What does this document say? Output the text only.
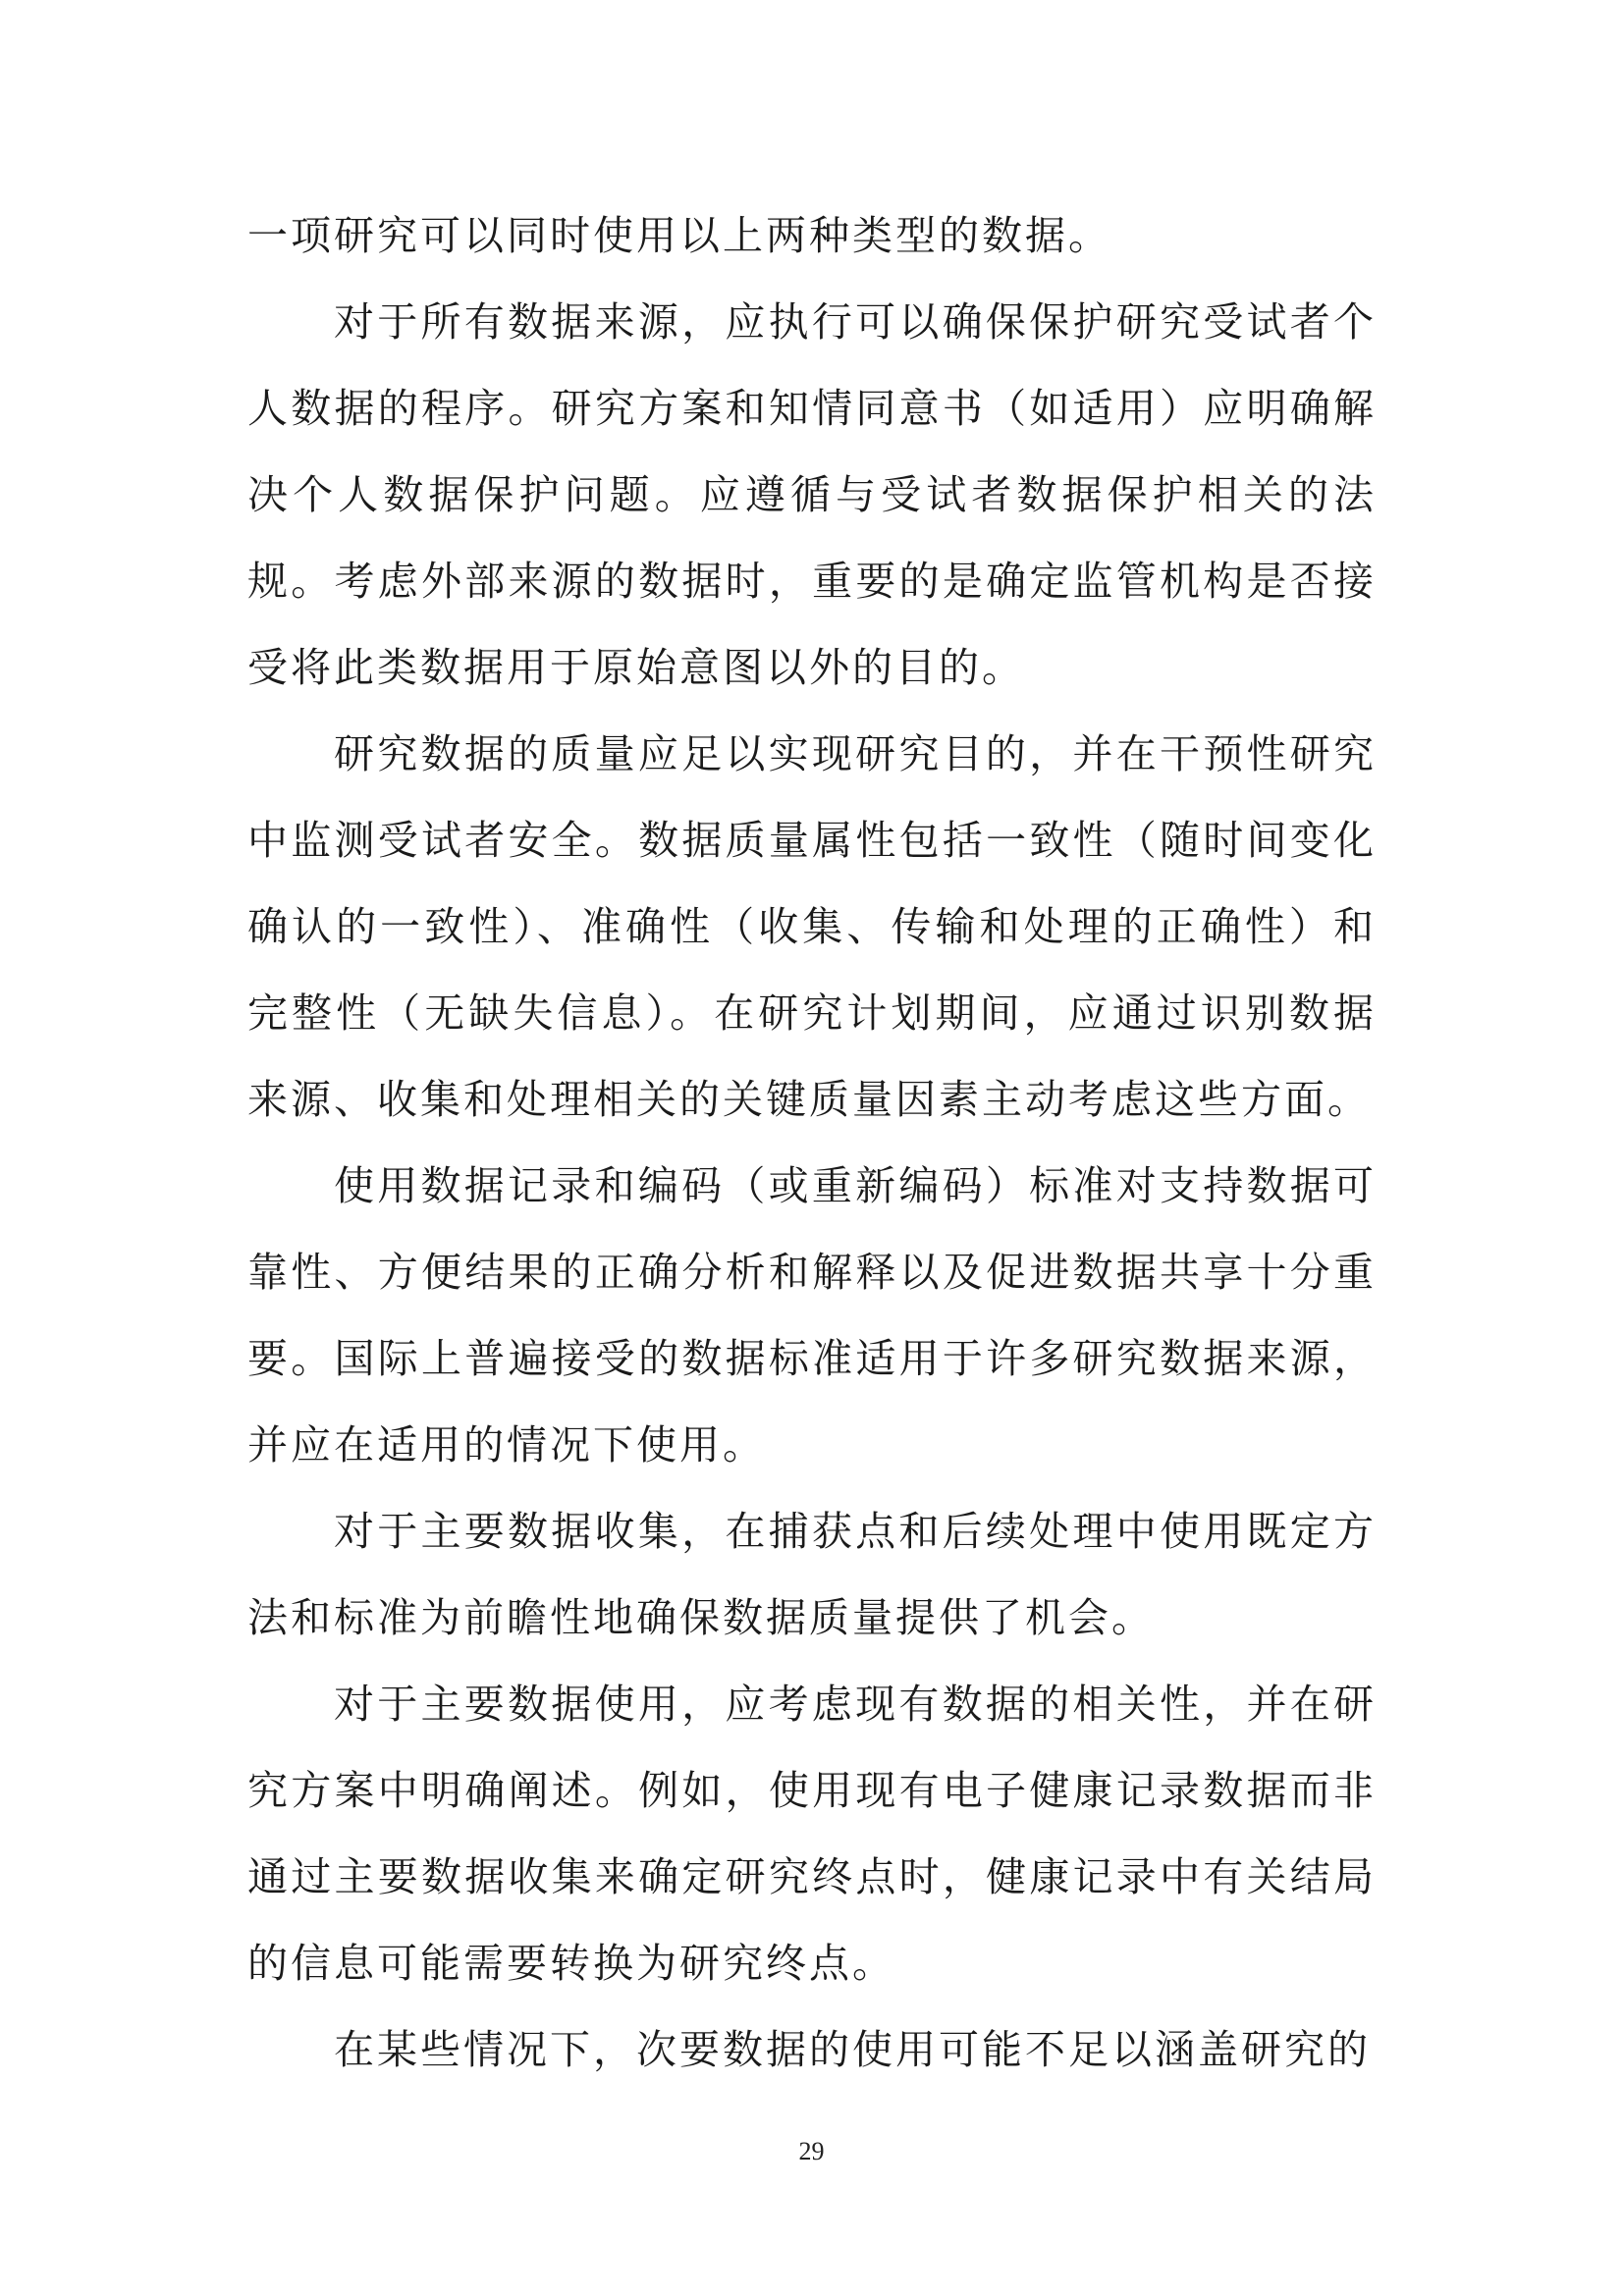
一项研究可以同时使用以上两种类型的数据。

对于所有数据来源，应执行可以确保保护研究受试者个人数据的程序。研究方案和知情同意书（如适用）应明确解决个人数据保护问题。应遵循与受试者数据保护相关的法规。考虑外部来源的数据时，重要的是确定监管机构是否接受将此类数据用于原始意图以外的目的。

研究数据的质量应足以实现研究目的，并在干预性研究中监测受试者安全。数据质量属性包括一致性（随时间变化确认的一致性）、准确性（收集、传输和处理的正确性）和完整性（无缺失信息）。在研究计划期间，应通过识别数据来源、收集和处理相关的关键质量因素主动考虑这些方面。

使用数据记录和编码（或重新编码）标准对支持数据可靠性、方便结果的正确分析和解释以及促进数据共享十分重要。国际上普遍接受的数据标准适用于许多研究数据来源，并应在适用的情况下使用。

对于主要数据收集，在捕获点和后续处理中使用既定方法和标准为前瞻性地确保数据质量提供了机会。

对于主要数据使用，应考虑现有数据的相关性，并在研究方案中明确阐述。例如，使用现有电子健康记录数据而非通过主要数据收集来确定研究终点时，健康记录中有关结局的信息可能需要转换为研究终点。

在某些情况下，次要数据的使用可能不足以涵盖研究的

29
